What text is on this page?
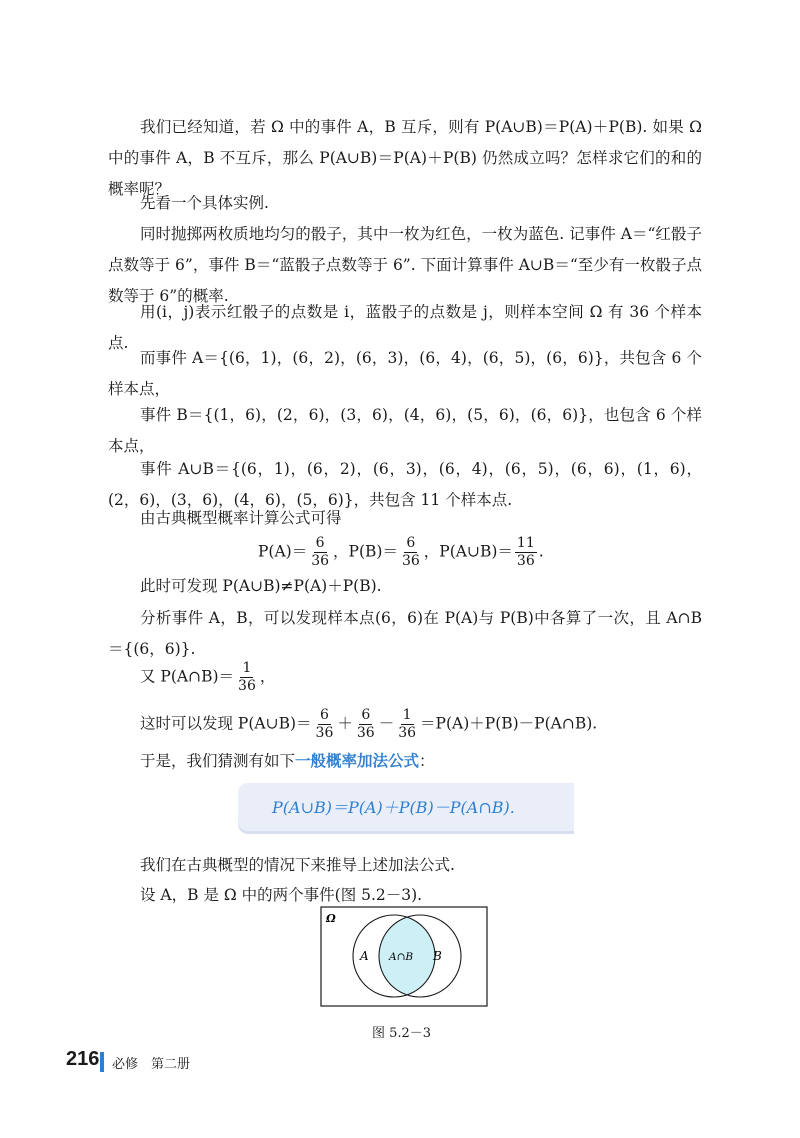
我们已经知道，若 Ω 中的事件 A，B 互斥，则有 P(A∪B)＝P(A)＋P(B). 如果 Ω 中的事件 A，B 不互斥，那么 P(A∪B)＝P(A)＋P(B) 仍然成立吗？怎样求它们的和的概率呢？
先看一个具体实例.
同时抛掷两枚质地均匀的骰子，其中一枚为红色，一枚为蓝色. 记事件 A＝“红骰子点数等于 6”，事件 B＝“蓝骰子点数等于 6”. 下面计算事件 A∪B＝“至少有一枚骰子点数等于 6”的概率.
用(i，j)表示红骰子的点数是 i，蓝骰子的点数是 j，则样本空间 Ω 有 36 个样本点.
而事件 A＝{(6，1)，(6，2)，(6，3)，(6，4)，(6，5)，(6，6)}，共包含 6 个样本点，
事件 B＝{(1，6)，(2，6)，(3，6)，(4，6)，(5，6)，(6，6)}，也包含 6 个样本点，
事件 A∪B＝{(6，1)，(6，2)，(6，3)，(6，4)，(6，5)，(6，6)，(1，6)，(2，6)，(3，6)，(4，6)，(5，6)}，共包含 11 个样本点.
由古典概型概率计算公式可得
$P(A)= \frac{6}{36}$ ，$P(B)= \frac{6}{36}$ ，P(A∪B)＝ $\frac{11}{36}$ .
此时可发现 P(A∪B)≠P(A)＋P(B).
分析事件 A，B，可以发现样本点(6，6)在 P(A)与 P(B)中各算了一次，且 A∩B＝{(6，6)}.
又 P(A∩B)＝ $\frac{1}{36}$ ，
这时可以发现 P(A∪B)＝ $\frac{6}{36} + \frac{6}{36} - \frac{1}{36}$ ＝P(A)＋P(B)－P(A∩B).
于是，我们猜测有如下一般概率加法公式：
P(A∪B)＝P(A)＋P(B)－P(A∩B).
我们在古典概型的情况下来推导上述加法公式.
设 A，B 是 Ω 中的两个事件(图 5.2－3).
Ω
A A∩B B
图 5.2－3
216 必修　第二册
